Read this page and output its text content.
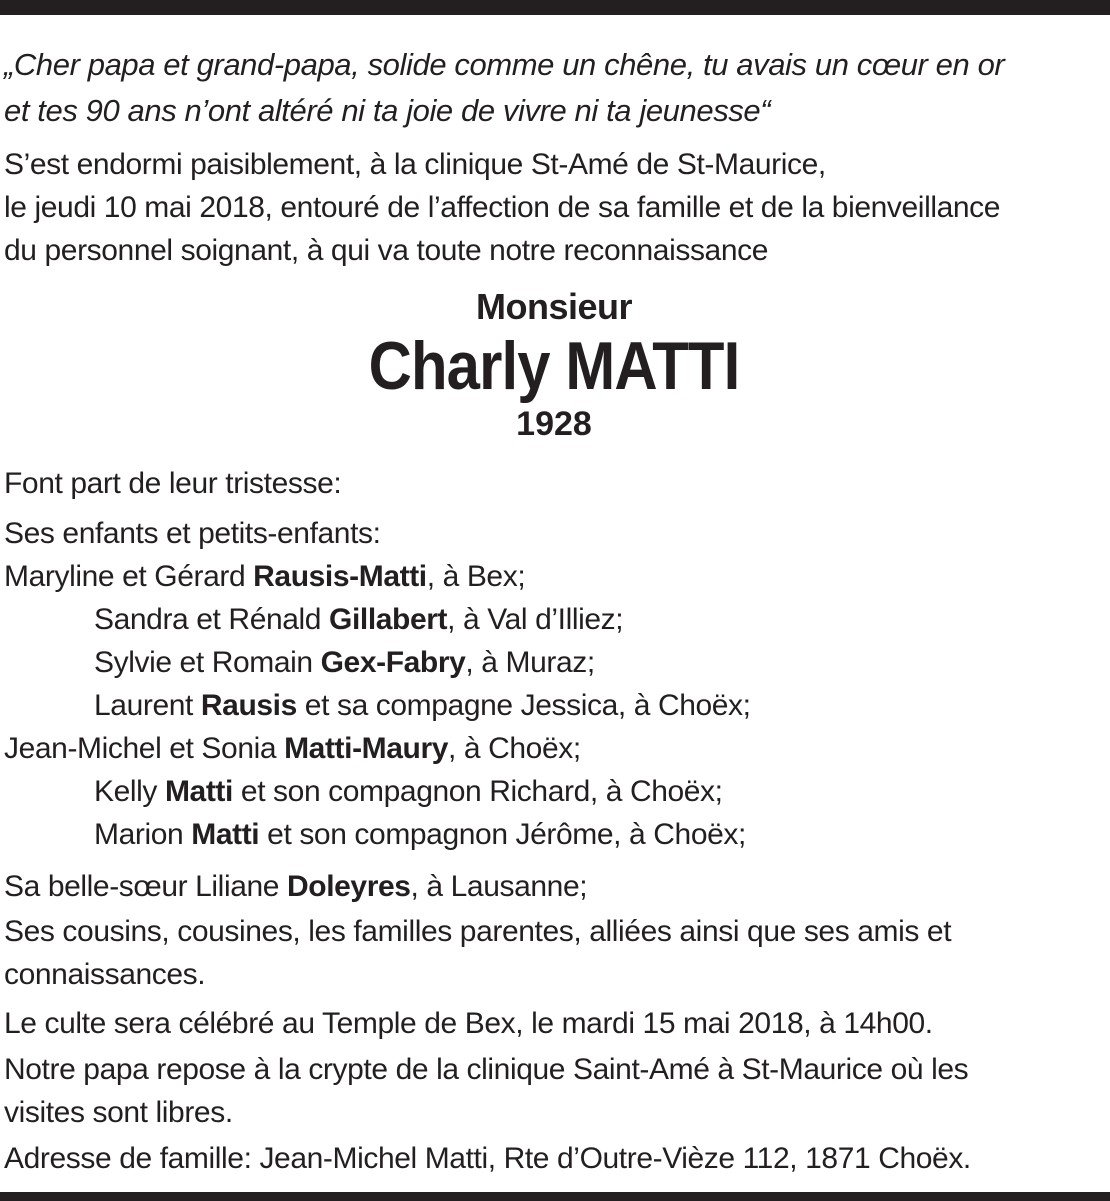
„Cher papa et grand-papa, solide comme un chêne, tu avais un cœur en or
et tes 90 ans n’ont altéré ni ta joie de vivre ni ta jeunesse“
S’est endormi paisiblement, à la clinique St-Amé de St-Maurice,
le jeudi 10 mai 2018, entouré de l’affection de sa famille et de la bienveillance
du personnel soignant, à qui va toute notre reconnaissance
Monsieur
Charly MATTI
1928
Font part de leur tristesse:
Ses enfants et petits-enfants:
Maryline et Gérard Rausis-Matti, à Bex;
Sandra et Rénald Gillabert, à Val d’Illiez;
Sylvie et Romain Gex-Fabry, à Muraz;
Laurent Rausis et sa compagne Jessica, à Choëx;
Jean-Michel et Sonia Matti-Maury, à Choëx;
Kelly Matti et son compagnon Richard, à Choëx;
Marion Matti et son compagnon Jérôme, à Choëx;
Sa belle-sœur Liliane Doleyres, à Lausanne;
Ses cousins, cousines, les familles parentes, alliées ainsi que ses amis et
connaissances.
Le culte sera célébré au Temple de Bex, le mardi 15 mai 2018, à 14h00.
Notre papa repose à la crypte de la clinique Saint-Amé à St-Maurice où les
visites sont libres.
Adresse de famille: Jean-Michel Matti, Rte d’Outre-Vièze 112, 1871 Choëx.
